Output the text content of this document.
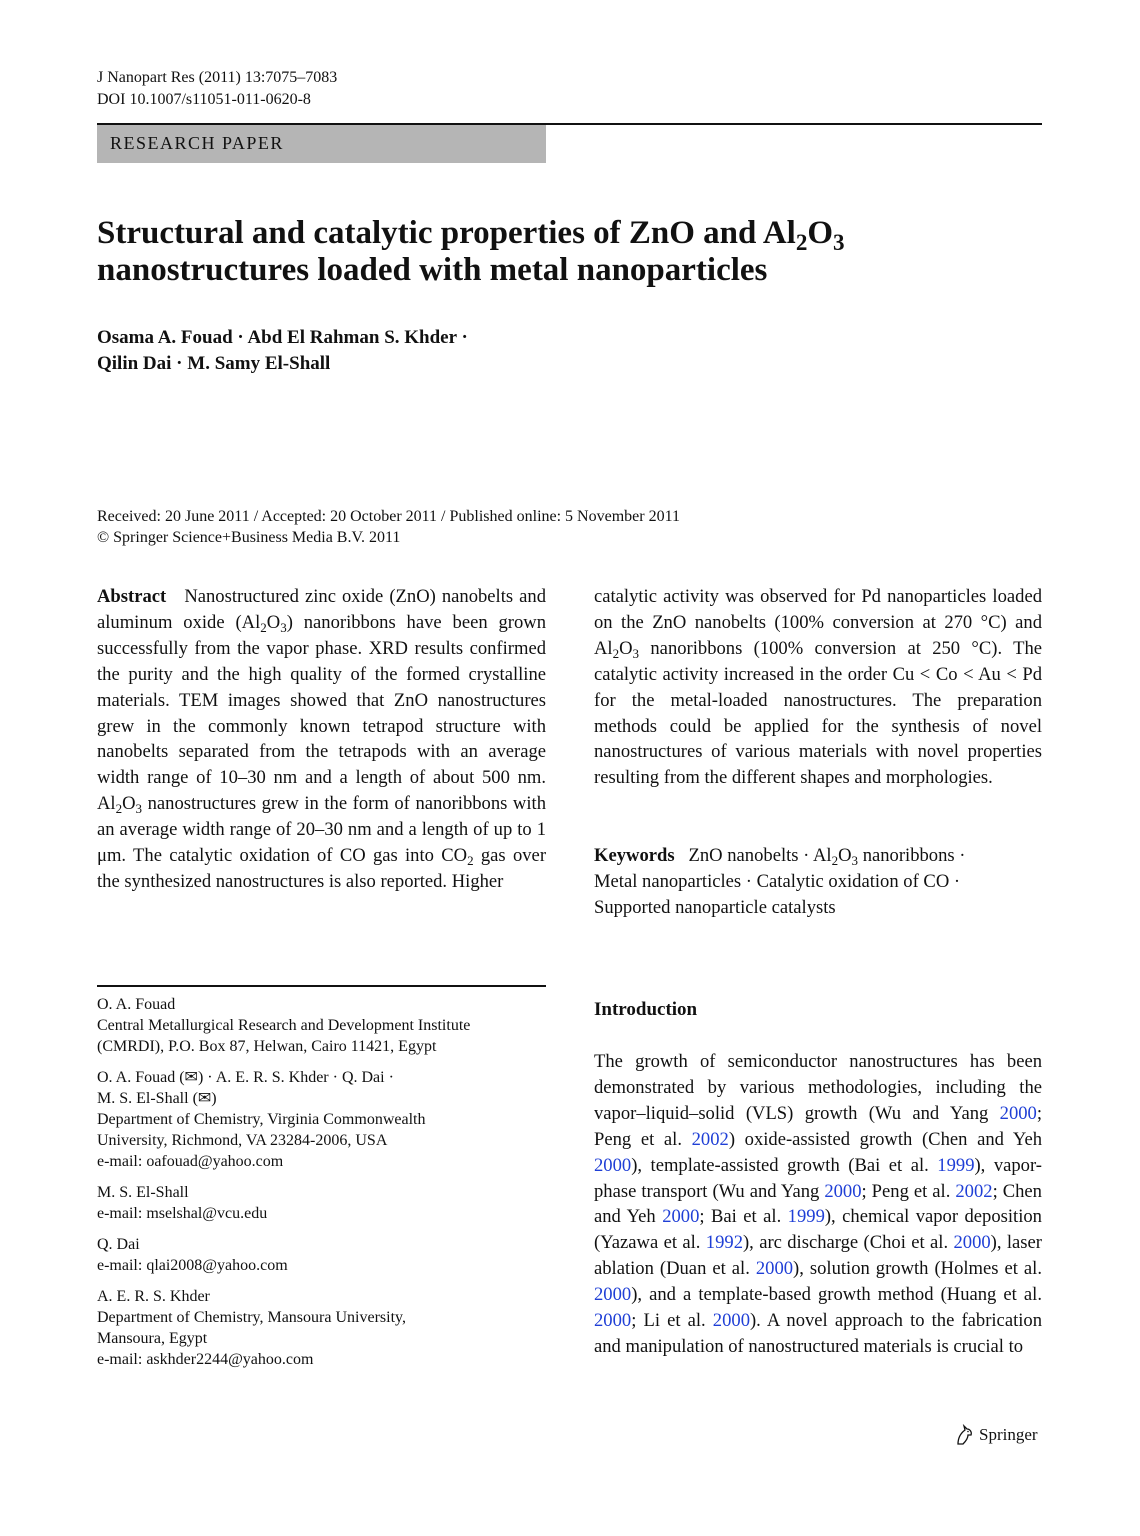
J Nanopart Res (2011) 13:7075–7083
DOI 10.1007/s11051-011-0620-8
RESEARCH PAPER
Structural and catalytic properties of ZnO and $Al_2O_3$
nanostructures loaded with metal nanoparticles
Osama A. Fouad · Abd El Rahman S. Khder ·
Qilin Dai · M. Samy El-Shall
Received: 20 June 2011 / Accepted: 20 October 2011 / Published online: 5 November 2011
© Springer Science+Business Media B.V. 2011

Abstract Nanostructured zinc oxide (ZnO) nanobelts and aluminum oxide $(Al_2O_3)$ nanoribbons have been grown successfully from the vapor phase. XRD results confirmed the purity and the high quality of the formed crystalline materials. TEM images showed that ZnO nanostructures grew in the commonly known tetrapod structure with nanobelts separated from the tetrapods with an average width range of 10–30 nm and a length of about 500 nm. $Al_2O_3$ nanostructures grew in the form of nanoribbons with an average width range of 20–30 nm and a length of up to 1 μm. The catalytic oxidation of CO gas into $CO_2$ gas over the synthesized nanostructures is also reported. Higher

catalytic activity was observed for Pd nanoparticles loaded on the ZnO nanobelts (100% conversion at 270 °C) and $Al_2O_3$ nanoribbons (100% conversion at 250 °C). The catalytic activity increased in the order Cu < Co < Au < Pd for the metal-loaded nanostructures. The preparation methods could be applied for the synthesis of novel nanostructures of various materials with novel properties resulting from the different shapes and morphologies.

Keywords ZnO nanobelts · $Al_2O_3$ nanoribbons ·
Metal nanoparticles · Catalytic oxidation of CO ·
Supported nanoparticle catalysts

O. A. Fouad
Central Metallurgical Research and Development Institute
(CMRDI), P.O. Box 87, Helwan, Cairo 11421, Egypt

O. A. Fouad (✉) · A. E. R. S. Khder · Q. Dai ·
M. S. El-Shall (✉)
Department of Chemistry, Virginia Commonwealth
University, Richmond, VA 23284-2006, USA
e-mail: oafouad@yahoo.com

M. S. El-Shall
e-mail: mselshal@vcu.edu

Q. Dai
e-mail: qlai2008@yahoo.com

A. E. R. S. Khder
Department of Chemistry, Mansoura University,
Mansoura, Egypt
e-mail: askhder2244@yahoo.com

Introduction

The growth of semiconductor nanostructures has been demonstrated by various methodologies, including the vapor–liquid–solid (VLS) growth (Wu and Yang 2000; Peng et al. 2002) oxide-assisted growth (Chen and Yeh 2000), template-assisted growth (Bai et al. 1999), vapor-phase transport (Wu and Yang 2000; Peng et al. 2002; Chen and Yeh 2000; Bai et al. 1999), chemical vapor deposition (Yazawa et al. 1992), arc discharge (Choi et al. 2000), laser ablation (Duan et al. 2000), solution growth (Holmes et al. 2000), and a template-based growth method (Huang et al. 2000; Li et al. 2000). A novel approach to the fabrication and manipulation of nanostructured materials is crucial to

Springer
